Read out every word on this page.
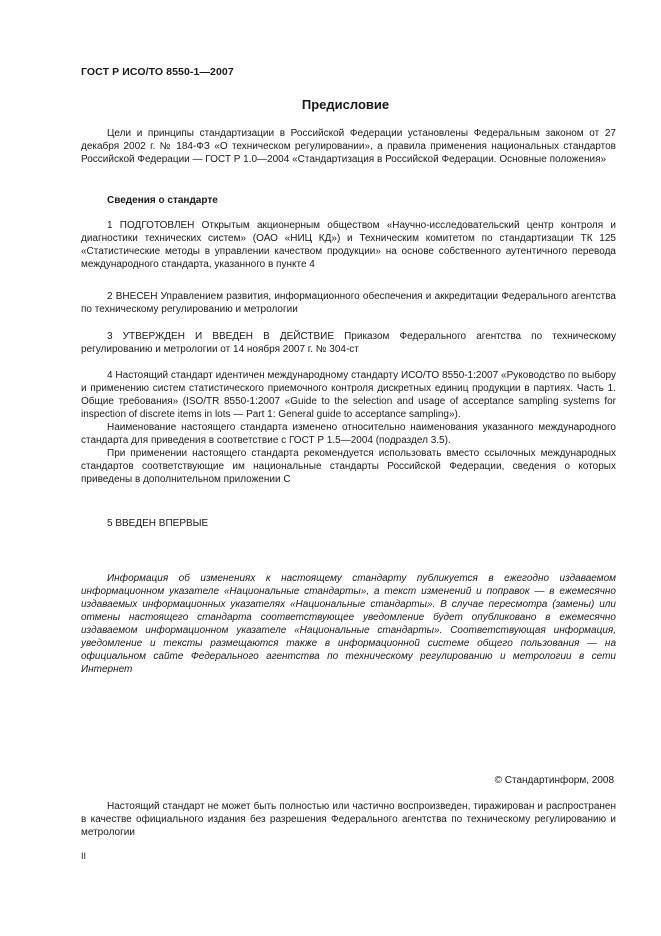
ГОСТ Р ИСО/ТО 8550-1—2007
Предисловие

Цели и принципы стандартизации в Российской Федерации установлены Федеральным законом от 27 декабря 2002 г. № 184-ФЗ «О техническом регулировании», а правила применения национальных стандартов Российской Федерации — ГОСТ Р 1.0—2004 «Стандартизация в Российской Федерации. Основные положения»

Сведения о стандарте

1 ПОДГОТОВЛЕН Открытым акционерным обществом «Научно-исследовательский центр контроля и диагностики технических систем» (ОАО «НИЦ КД») и Техническим комитетом по стандартизации ТК 125 «Статистические методы в управлении качеством продукции» на основе собственного аутентичного перевода международного стандарта, указанного в пункте 4

2 ВНЕСЕН Управлением развития, информационного обеспечения и аккредитации Федерального агентства по техническому регулированию и метрологии

3 УТВЕРЖДЕН И ВВЕДЕН В ДЕЙСТВИЕ Приказом Федерального агентства по техническому регулированию и метрологии от 14 ноября 2007 г. № 304-ст

4 Настоящий стандарт идентичен международному стандарту ИСО/ТО 8550-1:2007 «Руководство по выбору и применению систем статистического приемочного контроля дискретных единиц продукции в партиях. Часть 1. Общие требования» (ISO/TR 8550-1:2007 «Guide to the selection and usage of acceptance sampling systems for inspection of discrete items in lots — Part 1: General guide to acceptance sampling»).

Наименование настоящего стандарта изменено относительно наименования указанного международного стандарта для приведения в соответствие с ГОСТ Р 1.5—2004 (подраздел 3.5).

При применении настоящего стандарта рекомендуется использовать вместо ссылочных международных стандартов соответствующие им национальные стандарты Российской Федерации, сведения о которых приведены в дополнительном приложении С

5 ВВЕДЕН ВПЕРВЫЕ

Информация об изменениях к настоящему стандарту публикуется в ежегодно издаваемом информационном указателе «Национальные стандарты», а текст изменений и поправок — в ежемесячно издаваемых информационных указателях «Национальные стандарты». В случае пересмотра (замены) или отмены настоящего стандарта соответствующее уведомление будет опубликовано в ежемесячно издаваемом информационном указателе «Национальные стандарты». Соответствующая информация, уведомление и тексты размещаются также в информационной системе общего пользования — на официальном сайте Федерального агентства по техническому регулированию и метрологии в сети Интернет

© Стандартинформ, 2008

Настоящий стандарт не может быть полностью или частично воспроизведен, тиражирован и распространен в качестве официального издания без разрешения Федерального агентства по техническому регулированию и метрологии

II
